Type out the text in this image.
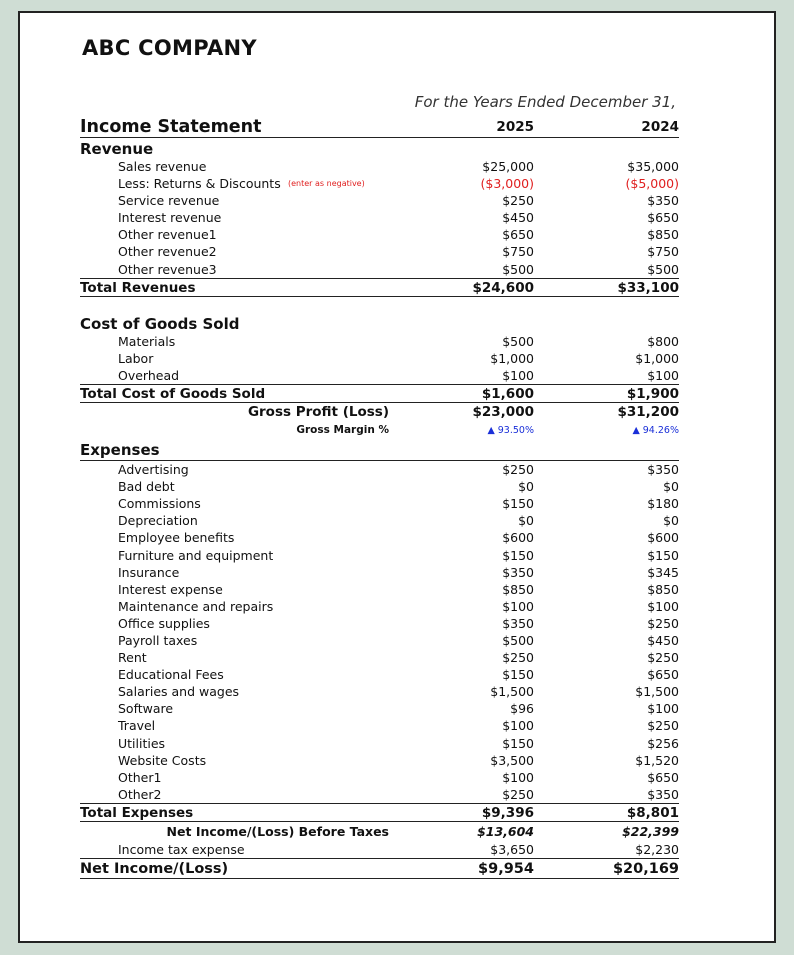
ABC COMPANY
For the Years Ended December 31,
Income Statement	2025	2024
Revenue
Sales revenue	$25,000	$35,000
Less: Returns & Discounts (enter as negative)	($3,000)	($5,000)
Service revenue	$250	$350
Interest revenue	$450	$650
Other revenue1	$650	$850
Other revenue2	$750	$750
Other revenue3	$500	$500
Total Revenues	$24,600	$33,100
Cost of Goods Sold
Materials	$500	$800
Labor	$1,000	$1,000
Overhead	$100	$100
Total Cost of Goods Sold	$1,600	$1,900
Gross Profit (Loss)	$23,000	$31,200
Gross Margin %	▲ 93.50%	▲ 94.26%
Expenses
Advertising	$250	$350
Bad debt	$0	$0
Commissions	$150	$180
Depreciation	$0	$0
Employee benefits	$600	$600
Furniture and equipment	$150	$150
Insurance	$350	$345
Interest expense	$850	$850
Maintenance and repairs	$100	$100
Office supplies	$350	$250
Payroll taxes	$500	$450
Rent	$250	$250
Educational Fees	$150	$650
Salaries and wages	$1,500	$1,500
Software	$96	$100
Travel	$100	$250
Utilities	$150	$256
Website Costs	$3,500	$1,520
Other1	$100	$650
Other2	$250	$350
Total Expenses	$9,396	$8,801
Net Income/(Loss) Before Taxes	$13,604	$22,399
Income tax expense	$3,650	$2,230
Net Income/(Loss)	$9,954	$20,169
